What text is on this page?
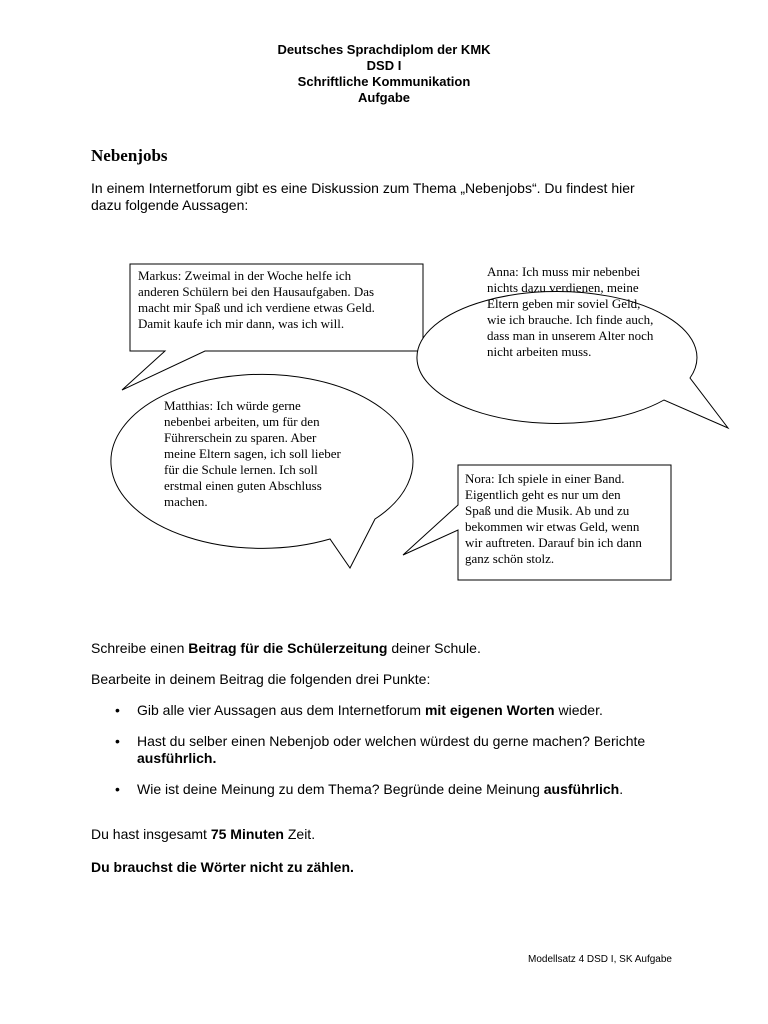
Deutsches Sprachdiplom der KMK
DSD I
Schriftliche Kommunikation
Aufgabe
Nebenjobs
In einem Internetforum gibt es eine Diskussion zum Thema „Nebenjobs“. Du findest hier dazu folgende Aussagen:
Markus: Zweimal in der Woche helfe ich
anderen Schülern bei den Hausaufgaben. Das
macht mir Spaß und ich verdiene etwas Geld.
Damit kaufe ich mir dann, was ich will.
Anna: Ich muss mir nebenbei
nichts dazu verdienen, meine
Eltern geben mir soviel Geld,
wie ich brauche. Ich finde auch,
dass man in unserem Alter noch
nicht arbeiten muss.
Matthias: Ich würde gerne
nebenbei arbeiten, um für den
Führerschein zu sparen. Aber
meine Eltern sagen, ich soll lieber
für die Schule lernen. Ich soll
erstmal einen guten Abschluss
machen.
Nora: Ich spiele in einer Band.
Eigentlich geht es nur um den
Spaß und die Musik. Ab und zu
bekommen wir etwas Geld, wenn
wir auftreten. Darauf bin ich dann
ganz schön stolz.
Schreibe einen Beitrag für die Schülerzeitung deiner Schule.
Bearbeite in deinem Beitrag die folgenden drei Punkte:
• Gib alle vier Aussagen aus dem Internetforum mit eigenen Worten wieder.
• Hast du selber einen Nebenjob oder welchen würdest du gerne machen? Berichte ausführlich.
• Wie ist deine Meinung zu dem Thema? Begründe deine Meinung ausführlich.
Du hast insgesamt 75 Minuten Zeit.
Du brauchst die Wörter nicht zu zählen.
Modellsatz 4 DSD I, SK Aufgabe
